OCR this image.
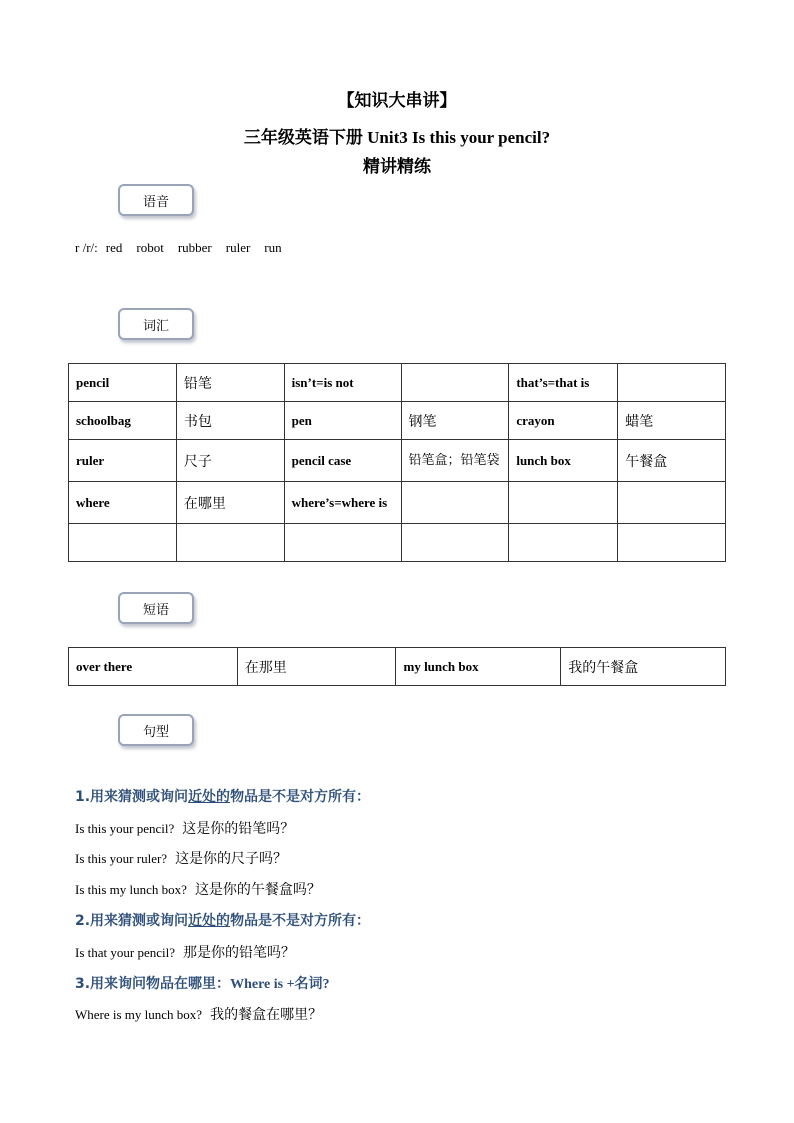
【知识大串讲】
三年级英语下册 Unit3 Is this your pencil?
精讲精练
语音
r /r/: red robot rubber ruler run
词汇
pencil	铅笔	isn’t=is not		that’s=that is	
schoolbag	书包	pen	钢笔	crayon	蜡笔
ruler	尺子	pencil case	铅笔盒；铅笔袋	lunch box	午餐盒
where	在哪里	where’s=where is			

短语
over there	在那里	my lunch box	我的午餐盒
句型
1.用来猜测或询问近处的物品是不是对方所有：
Is this your pencil? 这是你的铅笔吗？
Is this your ruler? 这是你的尺子吗？
Is this my lunch box? 这是你的午餐盒吗？
2.用来猜测或询问近处的物品是不是对方所有：
Is that your pencil? 那是你的铅笔吗？
3.用来询问物品在哪里：Where is +名词?
Where is my lunch box? 我的餐盒在哪里？
